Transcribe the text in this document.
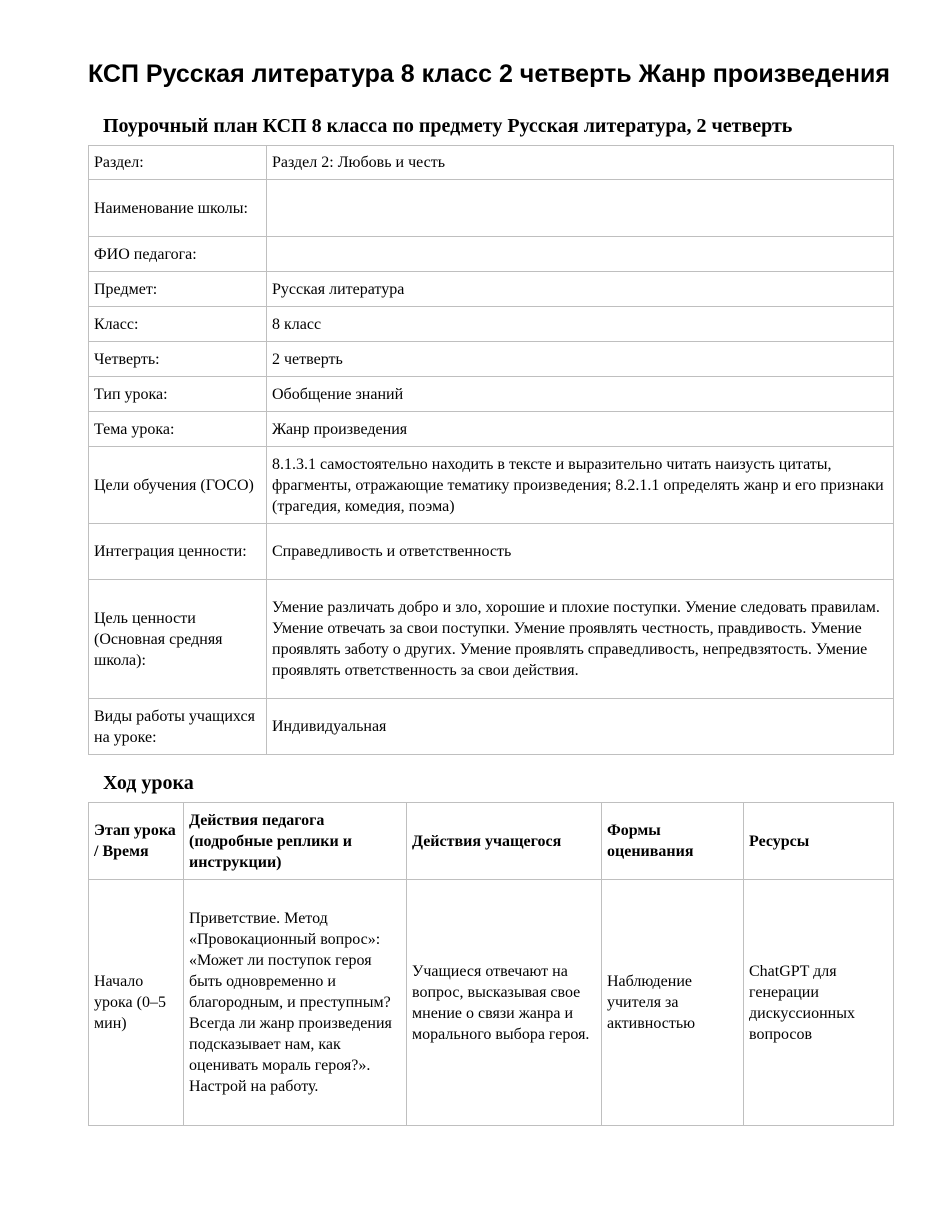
КСП Русская литература 8 класс 2 четверть Жанр произведения
Поурочный план КСП 8 класса по предмету Русская литература, 2 четверть
Раздел:	Раздел 2: Любовь и честь
Наименование школы:	
ФИО педагога:	
Предмет:	Русская литература
Класс:	8 класс
Четверть:	2 четверть
Тип урока:	Обобщение знаний
Тема урока:	Жанр произведения
Цели обучения (ГОСО)	8.1.3.1 самостоятельно находить в тексте и выразительно читать наизусть цитаты, фрагменты, отражающие тематику произведения; 8.2.1.1 определять жанр и его признаки (трагедия, комедия, поэма)
Интеграция ценности:	Справедливость и ответственность
Цель ценности (Основная средняя школа):	Умение различать добро и зло, хорошие и плохие поступки. Умение следовать правилам. Умение отвечать за свои поступки. Умение проявлять честность, правдивость. Умение проявлять заботу о других. Умение проявлять справедливость, непредвзятость. Умение проявлять ответственность за свои действия.
Виды работы учащихся на уроке:	Индивидуальная
Ход урока
Этап урока / Время	Действия педагога (подробные реплики и инструкции)	Действия учащегося	Формы оценивания	Ресурсы
Начало урока (0–5 мин)	Приветствие. Метод «Провокационный вопрос»: «Может ли поступок героя быть одновременно и благородным, и преступным? Всегда ли жанр произведения подсказывает нам, как оценивать мораль героя?». Настрой на работу.	Учащиеся отвечают на вопрос, высказывая свое мнение о связи жанра и морального выбора героя.	Наблюдение учителя за активностью	ChatGPT для генерации дискуссионных вопросов
